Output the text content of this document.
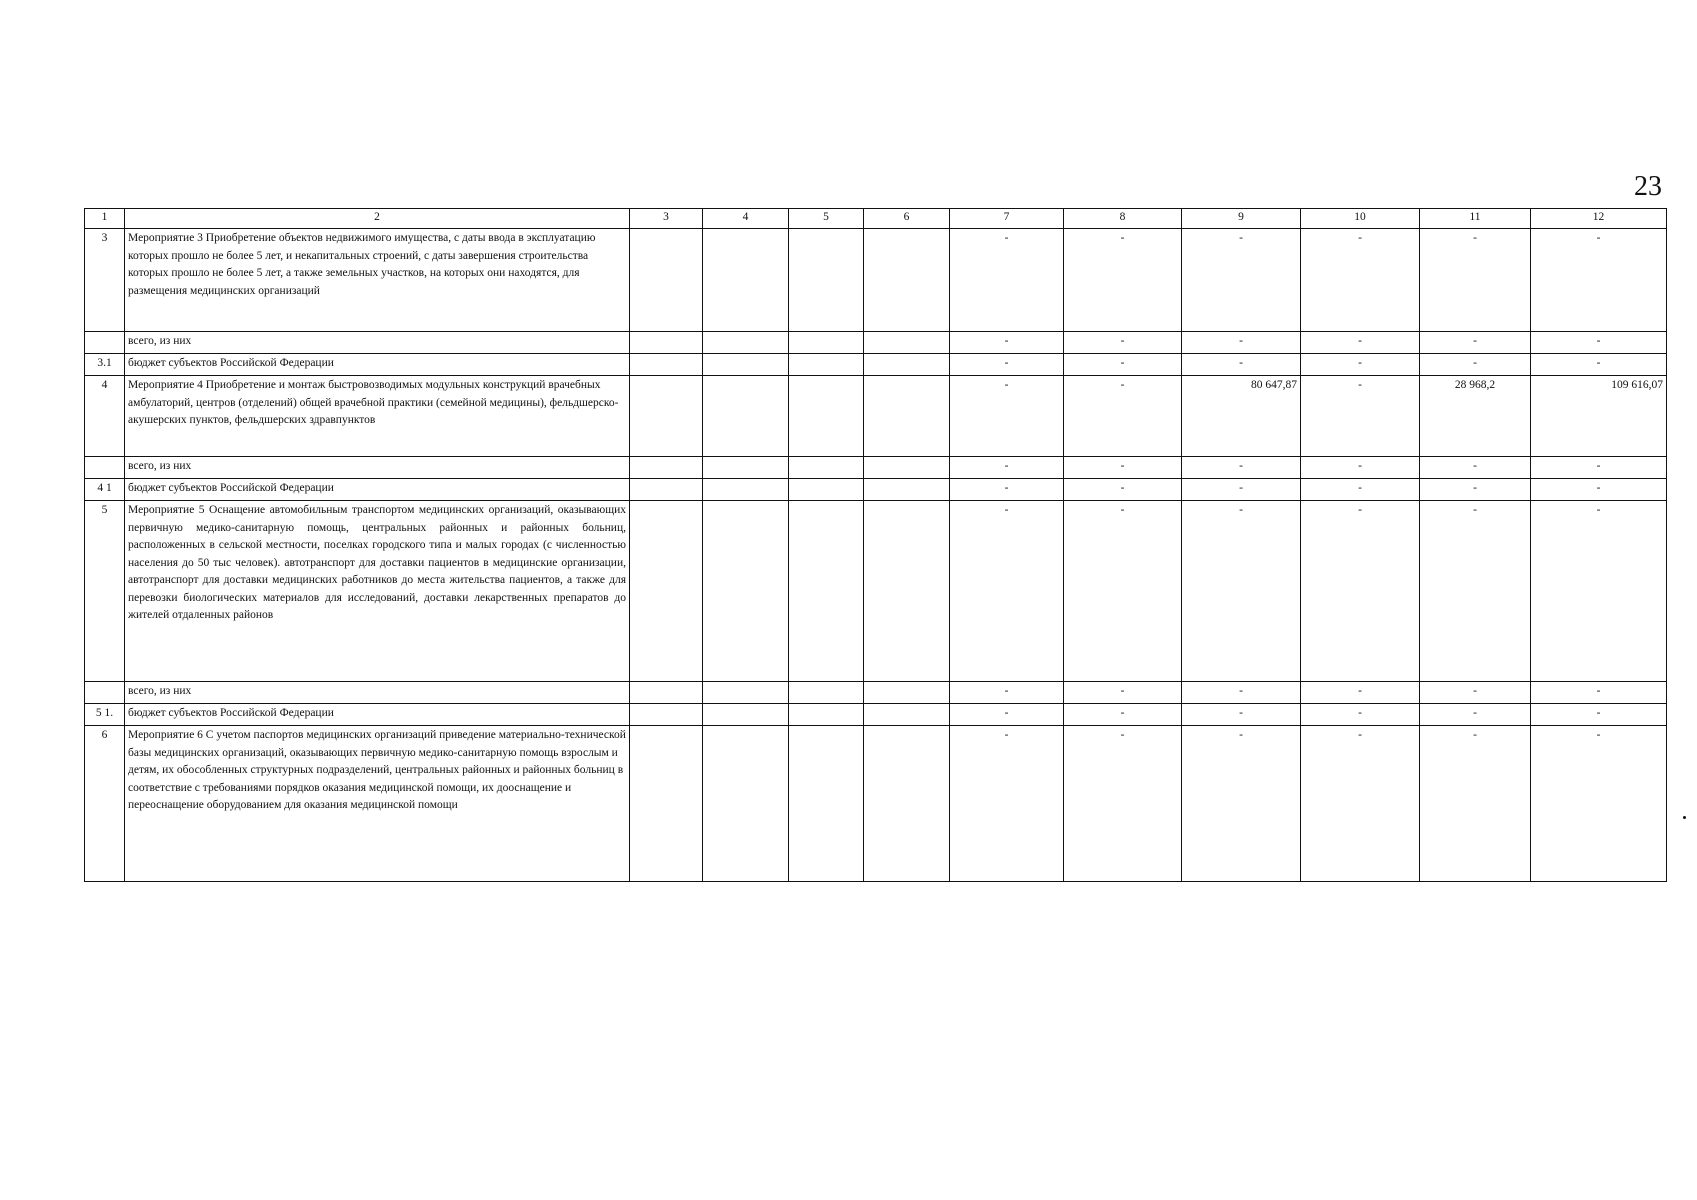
23
1	2	3	4	5	6	7	8	9	10	11	12
3	Мероприятие 3 Приобретение объектов недвижимого имущества, с даты ввода в эксплуатацию которых прошло не более 5 лет, и некапитальных строений, с даты завершения строительства которых прошло не более 5 лет, а также земельных участков, на которых они находятся, для размещения медицинских организаций					-	-	-	-	-	-
	всего, из них					-	-	-	-	-	-
3.1	бюджет субъектов Российской Федерации					-	-	-	-	-	-
4	Мероприятие 4 Приобретение и монтаж быстровозводимых модульных конструкций врачебных амбулаторий, центров (отделений) общей врачебной практики (семейной медицины), фельдшерско-акушерских пунктов, фельдшерских здравпунктов					-	-	80 647,87	-	28 968,2	109 616,07
	всего, из них					-	-	-	-	-	-
4 1	бюджет субъектов Российской Федерации					-	-	-	-	-	-
5	Мероприятие 5 Оснащение автомобильным транспортом медицинских организаций, оказывающих первичную медико-санитарную помощь, центральных районных и районных больниц, расположенных в сельской местности, поселках городского типа и малых городах (с численностью населения до 50 тыс человек). автотранспорт для доставки пациентов в медицинские организации, автотранспорт для доставки медицинских работников до места жительства пациентов, а также для перевозки биологических материалов для исследований, доставки лекарственных препаратов до жителей отдаленных районов					-	-	-	-	-	-
	всего, из них					-	-	-	-	-	-
5 1.	бюджет субъектов Российской Федерации					-	-	-	-	-	-
6	Мероприятие 6 С учетом паспортов медицинских организаций приведение материально-технической базы медицинских организаций, оказывающих первичную медико-санитарную помощь взрослым и детям, их обособленных структурных подразделений, центральных районных и районных больниц в соответствие с требованиями порядков оказания медицинской помощи, их дооснащение и переоснащение оборудованием для оказания медицинской помощи					-	-	-	-	-	-
